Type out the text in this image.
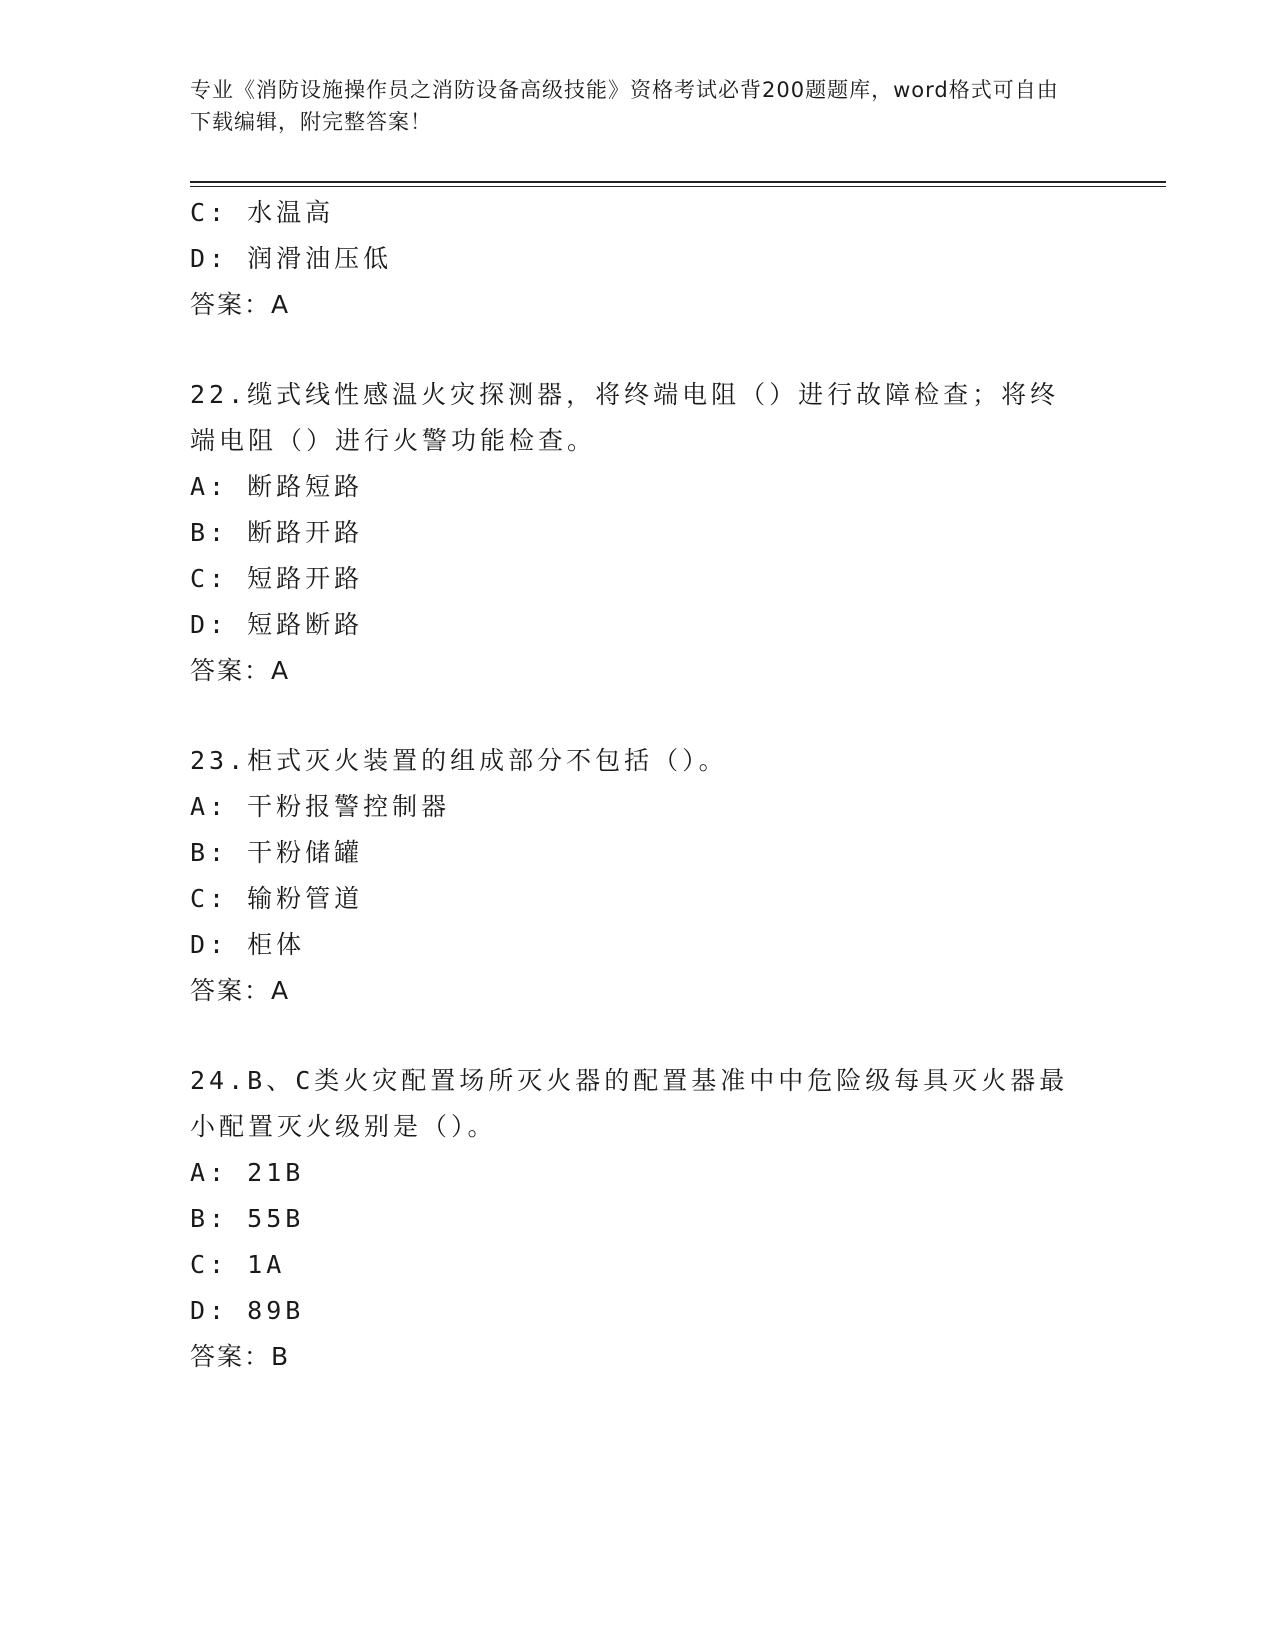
专业《消防设施操作员之消防设备高级技能》资格考试必背200题题库，word格式可自由下载编辑，附完整答案！
C: 水温高
D: 润滑油压低
答案：A
22.缆式线性感温火灾探测器，将终端电阻（）进行故障检查；将终端电阻（）进行火警功能检查。
A: 断路短路
B: 断路开路
C: 短路开路
D: 短路断路
答案：A
23.柜式灭火装置的组成部分不包括（）。
A: 干粉报警控制器
B: 干粉储罐
C: 输粉管道
D: 柜体
答案：A
24.B、C类火灾配置场所灭火器的配置基准中中危险级每具灭火器最小配置灭火级别是（）。
A: 21B
B: 55B
C: 1A
D: 89B
答案：B
